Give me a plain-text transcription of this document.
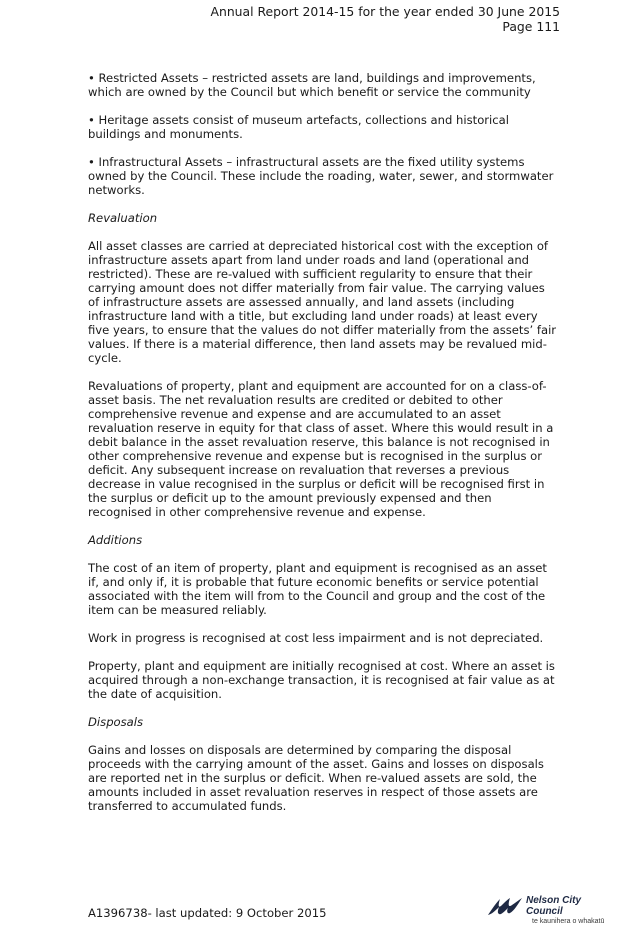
Annual Report 2014-15 for the year ended 30 June 2015
Page 111

• Restricted Assets – restricted assets are land, buildings and improvements, which are owned by the Council but which benefit or service the community

• Heritage assets consist of museum artefacts, collections and historical buildings and monuments.

• Infrastructural Assets – infrastructural assets are the fixed utility systems owned by the Council. These include the roading, water, sewer, and stormwater networks.

Revaluation

All asset classes are carried at depreciated historical cost with the exception of infrastructure assets apart from land under roads and land (operational and restricted). These are re-valued with sufficient regularity to ensure that their carrying amount does not differ materially from fair value. The carrying values of infrastructure assets are assessed annually, and land assets (including infrastructure land with a title, but excluding land under roads) at least every five years, to ensure that the values do not differ materially from the assets’ fair values. If there is a material difference, then land assets may be revalued mid-cycle.

Revaluations of property, plant and equipment are accounted for on a class-of-asset basis. The net revaluation results are credited or debited to other comprehensive revenue and expense and are accumulated to an asset revaluation reserve in equity for that class of asset. Where this would result in a debit balance in the asset revaluation reserve, this balance is not recognised in other comprehensive revenue and expense but is recognised in the surplus or deficit. Any subsequent increase on revaluation that reverses a previous decrease in value recognised in the surplus or deficit will be recognised first in the surplus or deficit up to the amount previously expensed and then recognised in other comprehensive revenue and expense.

Additions

The cost of an item of property, plant and equipment is recognised as an asset if, and only if, it is probable that future economic benefits or service potential associated with the item will from to the Council and group and the cost of the item can be measured reliably.

Work in progress is recognised at cost less impairment and is not depreciated.

Property, plant and equipment are initially recognised at cost. Where an asset is acquired through a non-exchange transaction, it is recognised at fair value as at the date of acquisition.

Disposals

Gains and losses on disposals are determined by comparing the disposal proceeds with the carrying amount of the asset. Gains and losses on disposals are reported net in the surplus or deficit. When re-valued assets are sold, the amounts included in asset revaluation reserves in respect of those assets are transferred to accumulated funds.

A1396738- last updated: 9 October 2015
Nelson City Council
te kaunihera o whakatū
